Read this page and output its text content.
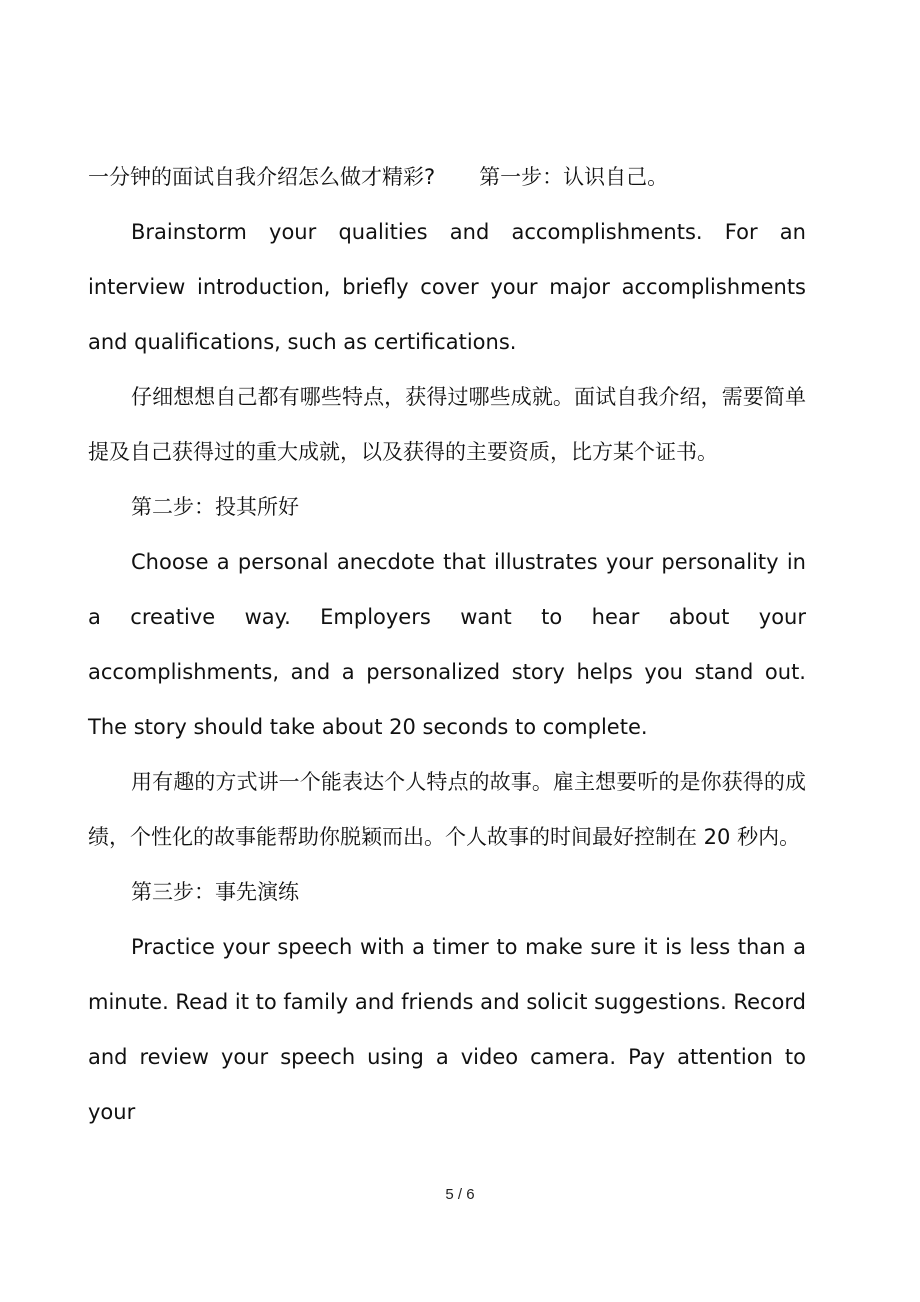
一分钟的面试自我介绍怎么做才精彩? 第一步：认识自己。

Brainstorm your qualities and accomplishments. For an interview introduction, briefly cover your major accomplishments and qualifications, such as certifications.

仔细想想自己都有哪些特点，获得过哪些成就。面试自我介绍，需要简单提及自己获得过的重大成就，以及获得的主要资质，比方某个证书。

第二步：投其所好

Choose a personal anecdote that illustrates your personality in a creative way. Employers want to hear about your accomplishments, and a personalized story helps you stand out. The story should take about 20 seconds to complete.

用有趣的方式讲一个能表达个人特点的故事。雇主想要听的是你获得的成绩，个性化的故事能帮助你脱颖而出。个人故事的时间最好控制在 20 秒内。

第三步：事先演练

Practice your speech with a timer to make sure it is less than a minute. Read it to family and friends and solicit suggestions. Record and review your speech using a video camera. Pay attention to your

5 / 6
